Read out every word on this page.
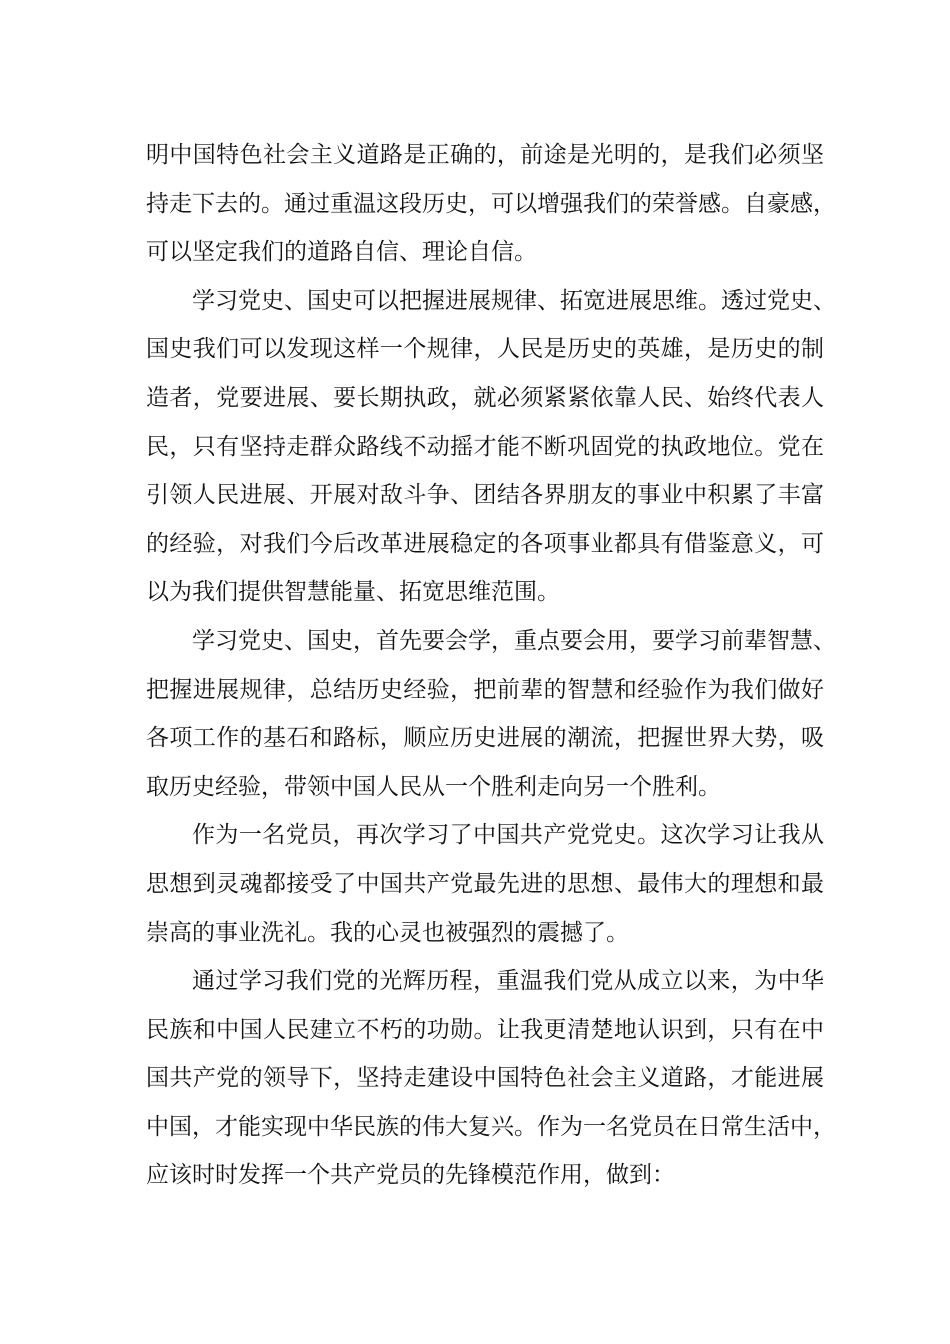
明中国特色社会主义道路是正确的，前途是光明的，是我们必须坚
持走下去的。通过重温这段历史，可以增强我们的荣誉感。自豪感，
可以坚定我们的道路自信、理论自信。
学习党史、国史可以把握进展规律、拓宽进展思维。透过党史、
国史我们可以发现这样一个规律，人民是历史的英雄，是历史的制
造者，党要进展、要长期执政，就必须紧紧依靠人民、始终代表人
民，只有坚持走群众路线不动摇才能不断巩固党的执政地位。党在
引领人民进展、开展对敌斗争、团结各界朋友的事业中积累了丰富
的经验，对我们今后改革进展稳定的各项事业都具有借鉴意义，可
以为我们提供智慧能量、拓宽思维范围。
学习党史、国史，首先要会学，重点要会用，要学习前辈智慧、
把握进展规律，总结历史经验，把前辈的智慧和经验作为我们做好
各项工作的基石和路标，顺应历史进展的潮流，把握世界大势，吸
取历史经验，带领中国人民从一个胜利走向另一个胜利。
作为一名党员，再次学习了中国共产党党史。这次学习让我从
思想到灵魂都接受了中国共产党最先进的思想、最伟大的理想和最
崇高的事业洗礼。我的心灵也被强烈的震撼了。
通过学习我们党的光辉历程，重温我们党从成立以来，为中华
民族和中国人民建立不朽的功勋。让我更清楚地认识到，只有在中
国共产党的领导下，坚持走建设中国特色社会主义道路，才能进展
中国，才能实现中华民族的伟大复兴。作为一名党员在日常生活中，
应该时时发挥一个共产党员的先锋模范作用，做到：
